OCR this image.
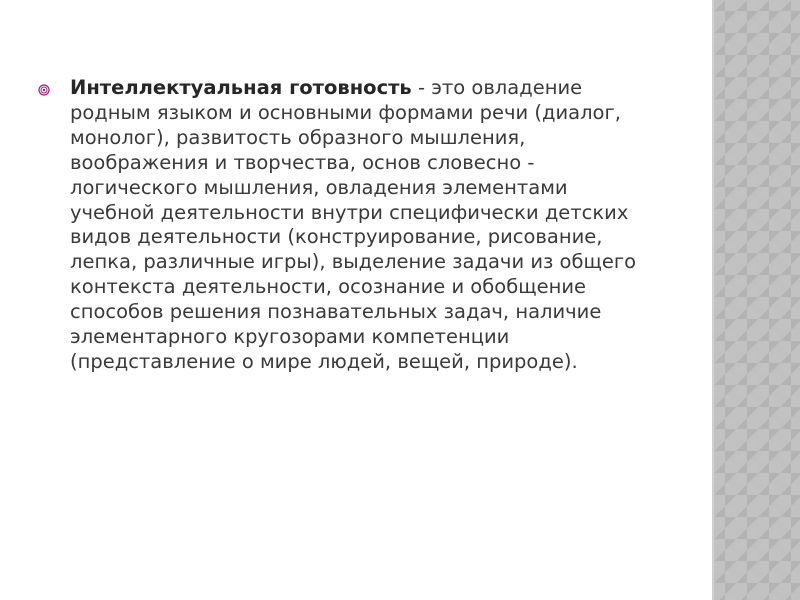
Интеллектуальная готовность - это овладение родным языком и основными формами речи (диалог, монолог), развитость образного мышления, воображения и творчества, основ словесно - логического мышления, овладения элементами учебной деятельности внутри специфически детских видов деятельности (конструирование, рисование, лепка, различные игры), выделение задачи из общего контекста деятельности, осознание и обобщение способов решения познавательных задач, наличие элементарного кругозорами компетенции (представление о мире людей, вещей, природе).
